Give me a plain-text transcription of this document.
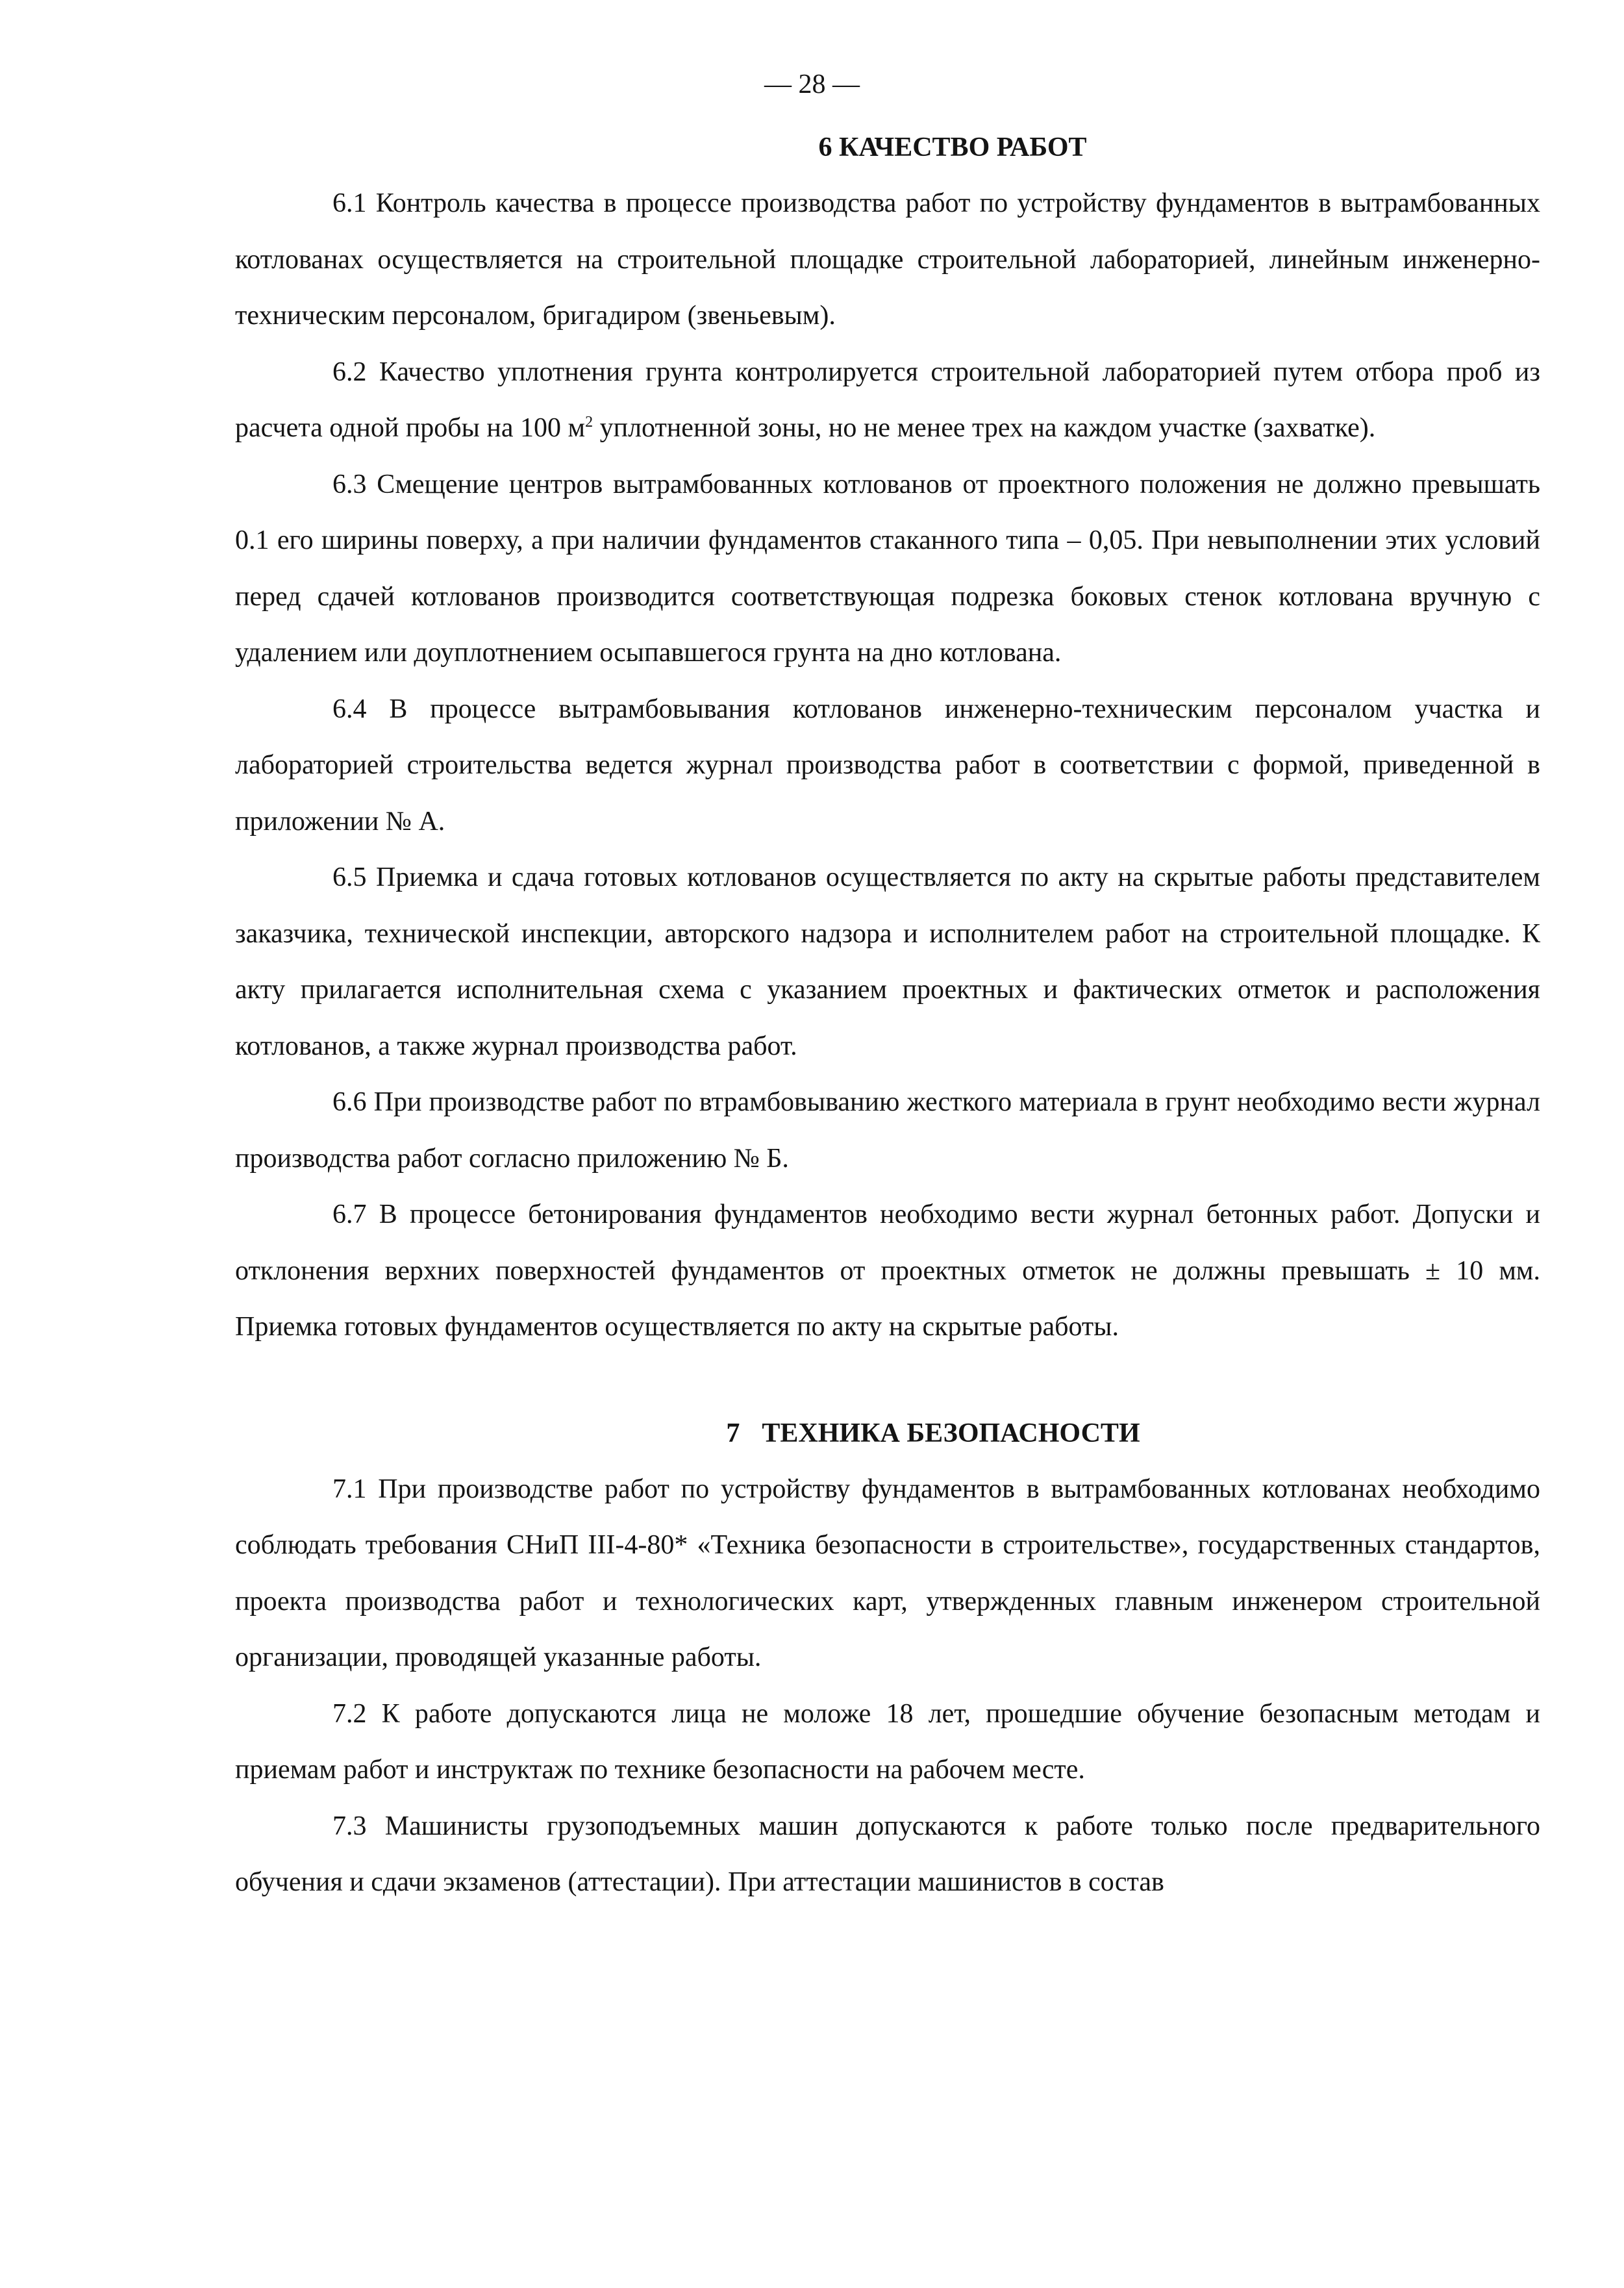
— 28 —
6 КАЧЕСТВО РАБОТ

6.1 Контроль качества в процессе производства работ по устройству фундаментов в вытрамбованных котлованах осуществляется на строительной площадке строительной лабораторией, линейным инженерно-техническим персоналом, бригадиром (звеньевым).

6.2 Качество уплотнения грунта контролируется строительной лабораторией путем отбора проб из расчета одной пробы на 100 $м^2$ уплотненной зоны, но не менее трех на каждом участке (захватке).

6.3 Смещение центров вытрамбованных котлованов от проектного положения не должно превышать 0.1 его ширины поверху, а при наличии фундаментов стаканного типа – 0,05. При невыполнении этих условий перед сдачей котлованов производится соответствующая подрезка боковых стенок котлована вручную с удалением или доуплотнением осыпавшегося грунта на дно котлована.

6.4 В процессе вытрамбовывания котлованов инженерно-техническим персоналом участка и лабораторией строительства ведется журнал производства работ в соответствии с формой, приведенной в приложении № А.

6.5 Приемка и сдача готовых котлованов осуществляется по акту на скрытые работы представителем заказчика, технической инспекции, авторского надзора и исполнителем работ на строительной площадке. К акту прилагается исполнительная схема с указанием проектных и фактических отметок и расположения котлованов, а также журнал производства работ.

6.6 При производстве работ по втрамбовыванию жесткого материала в грунт необходимо вести журнал производства работ согласно приложению № Б.

6.7 В процессе бетонирования фундаментов необходимо вести журнал бетонных работ. Допуски и отклонения верхних поверхностей фундаментов от проектных отметок не должны превышать ± 10 мм. Приемка готовых фундаментов осуществляется по акту на скрытые работы.

7 ТЕХНИКА БЕЗОПАСНОСТИ

7.1 При производстве работ по устройству фундаментов в вытрамбованных котлованах необходимо соблюдать требования СНиП III-4-80* «Техника безопасности в строительстве», государственных стандартов, проекта производства работ и технологических карт, утвержденных главным инженером строительной организации, проводящей указанные работы.

7.2 К работе допускаются лица не моложе 18 лет, прошедшие обучение безопасным методам и приемам работ и инструктаж по технике безопасности на рабочем месте.

7.3 Машинисты грузоподъемных машин допускаются к работе только после предварительного обучения и сдачи экзаменов (аттестации). При аттестации машинистов в состав
